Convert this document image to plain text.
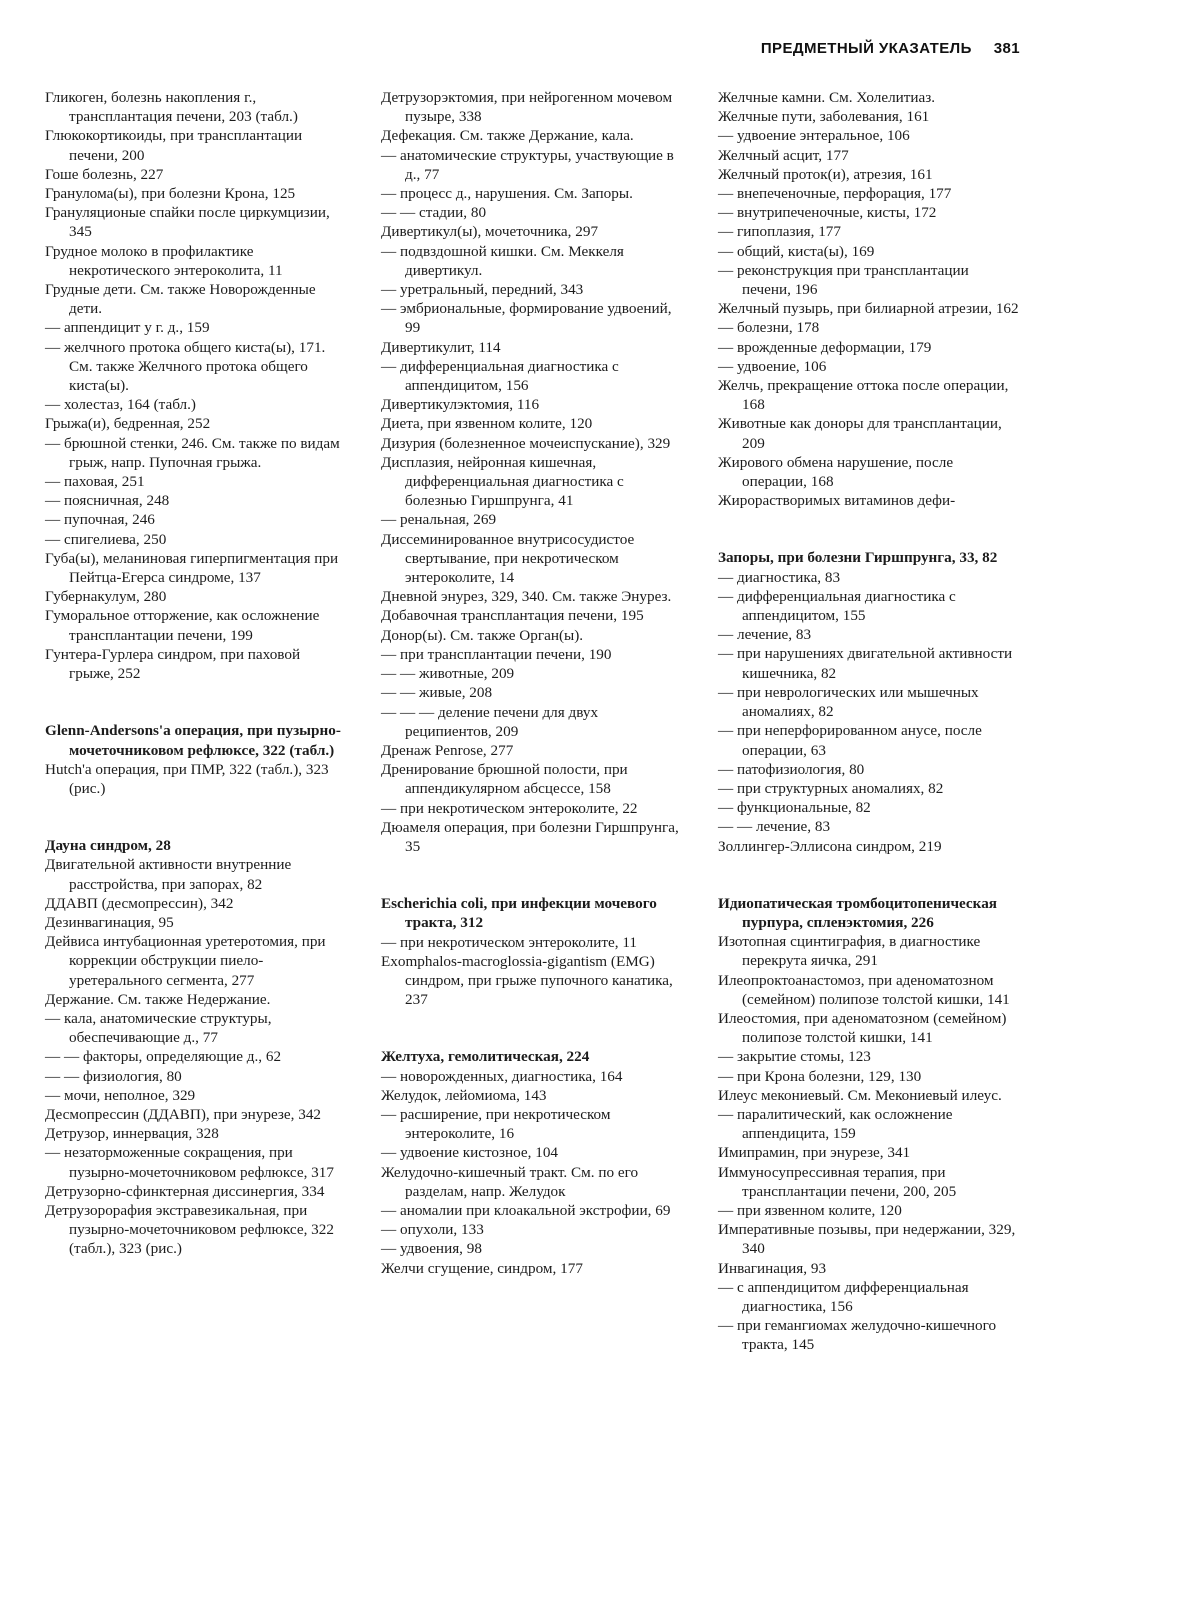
ПРЕДМЕТНЫЙ УКАЗАТЕЛЬ 381
Гликоген, болезнь накопления г., трансплантация печени, 203 (табл.)
Глюкокортикоиды, при трансплантации печени, 200
Гоше болезнь, 227
Гранулома(ы), при болезни Крона, 125
Грануляционые спайки после циркумцизии, 345
Грудное молоко в профилактике некротического энтероколита, 11
Грудные дети. См. также Новорожденные дети.
— аппендицит у г. д., 159
— желчного протока общего киста(ы), 171. См. также Желчного протока общего киста(ы).
— холестаз, 164 (табл.)
Грыжа(и), бедренная, 252
— брюшной стенки, 246. См. также по видам грыж, напр. Пупочная грыжа.
— паховая, 251
— поясничная, 248
— пупочная, 246
— спигелиева, 250
Губа(ы), меланиновая гиперпигментация при Пейтца-Егерса синдроме, 137
Губернакулум, 280
Гуморальное отторжение, как осложнение трансплантации печени, 199
Гунтера-Гурлера синдром, при паховой грыже, 252
Glenn-Andersons'a операция, при пузырно-мочеточниковом рефлюксе, 322 (табл.)
Hutch'a операция, при ПМР, 322 (табл.), 323 (рис.)
Дауна синдром, 28
Двигательной активности внутренние расстройства, при запорах, 82
ДДАВП (десмопрессин), 342
Дезинвагинация, 95
Дейвиса интубационная уретеротомия, при коррекции обструкции пиело-уретерального сегмента, 277
Держание. См. также Недержание.
— кала, анатомические структуры, обеспечивающие д., 77
— — факторы, определяющие д., 62
— — физиология, 80
— мочи, неполное, 329
Десмопрессин (ДДАВП), при энурезе, 342
Детрузор, иннервация, 328
— незаторможенные сокращения, при пузырно-мочеточниковом рефлюксе, 317
Детрузорно-сфинктерная диссинергия, 334
Детрузорорафия экстравезикальная, при пузырно-мочеточниковом рефлюксе, 322 (табл.), 323 (рис.)
Детрузорэктомия, при нейрогенном мочевом пузыре, 338
Дефекация. См. также Держание, кала.
— анатомические структуры, участвующие в д., 77
— процесс д., нарушения. См. Запоры.
— — стадии, 80
Дивертикул(ы), мочеточника, 297
— подвздошной кишки. См. Меккеля дивертикул.
— уретральный, передний, 343
— эмбриональные, формирование удвоений, 99
Дивертикулит, 114
— дифференциальная диагностика с аппендицитом, 156
Дивертикулэктомия, 116
Диета, при язвенном колите, 120
Дизурия (болезненное мочеиспускание), 329
Дисплазия, нейронная кишечная, дифференциальная диагностика с болезнью Гиршпрунга, 41
— ренальная, 269
Диссеминированное внутрисосудистое свертывание, при некротическом энтероколите, 14
Дневной энурез, 329, 340. См. также Энурез.
Добавочная трансплантация печени, 195
Донор(ы). См. также Орган(ы).
— при трансплантации печени, 190
— — животные, 209
— — живые, 208
— — — деление печени для двух реципиентов, 209
Дренаж Penrose, 277
Дренирование брюшной полости, при аппендикулярном абсцессе, 158
— при некротическом энтероколите, 22
Дюамеля операция, при болезни Гиршпрунга, 35
Escherichia coli, при инфекции мочевого тракта, 312
— при некротическом энтероколите, 11
Exomphalos-macroglossia-gigantism (EMG) синдром, при грыже пупочного канатика, 237
Желтуха, гемолитическая, 224
— новорожденных, диагностика, 164
Желудок, лейомиома, 143
— расширение, при некротическом энтероколите, 16
— удвоение кистозное, 104
Желудочно-кишечный тракт. См. по его разделам, напр. Желудок
— аномалии при клоакальной экстрофии, 69
— опухоли, 133
— удвоения, 98
Желчи сгущение, синдром, 177
Желчные камни. См. Холелитиаз.
Желчные пути, заболевания, 161
— удвоение энтеральное, 106
Желчный асцит, 177
Желчный проток(и), атрезия, 161
— внепеченочные, перфорация, 177
— внутрипеченочные, кисты, 172
— гипоплазия, 177
— общий, киста(ы), 169
— реконструкция при трансплантации печени, 196
Желчный пузырь, при билиарной атрезии, 162
— болезни, 178
— врожденные деформации, 179
— удвоение, 106
Желчь, прекращение оттока после операции, 168
Животные как доноры для трансплантации, 209
Жирового обмена нарушение, после операции, 168
Жирорастворимых витаминов дефи-
Запоры, при болезни Гиршпрунга, 33, 82
— диагностика, 83
— дифференциальная диагностика с аппендицитом, 155
— лечение, 83
— при нарушениях двигательной активности кишечника, 82
— при неврологических или мышечных аномалиях, 82
— при неперфорированном анусе, после операции, 63
— патофизиология, 80
— при структурных аномалиях, 82
— функциональные, 82
— — лечение, 83
Золлингер-Эллисона синдром, 219
Идиопатическая тромбоцитопеническая пурпура, спленэктомия, 226
Изотопная сцинтиграфия, в диагностике перекрута яичка, 291
Илеопроктоанастомоз, при аденоматозном (семейном) полипозе толстой кишки, 141
Илеостомия, при аденоматозном (семейном) полипозе толстой кишки, 141
— закрытие стомы, 123
— при Крона болезни, 129, 130
Илеус мекониевый. См. Мекониевый илеус.
— паралитический, как осложнение аппендицита, 159
Имипрамин, при энурезе, 341
Иммуносупрессивная терапия, при трансплантации печени, 200, 205
— при язвенном колите, 120
Императивные позывы, при недержании, 329, 340
Инвагинация, 93
— с аппендицитом дифференциальная диагностика, 156
— при гемангиомах желудочно-кишечного тракта, 145
